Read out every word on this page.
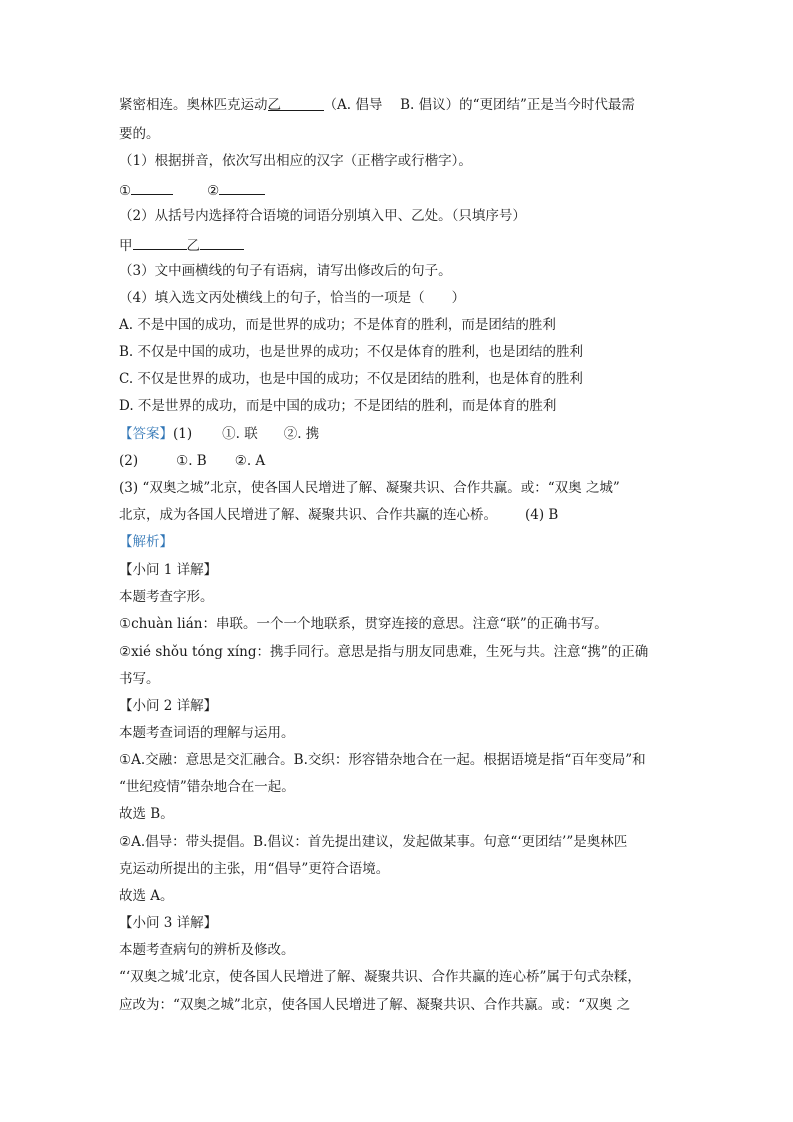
紧密相连。奥林匹克运动乙	（A. 倡导　 B. 倡议）的“更团结”正是当今时代最需
要的。
（1）根据拼音，依次写出相应的汉字（正楷字或行楷字）。
①	②
（2）从括号内选择符合语境的词语分别填入甲、乙处。（只填序号）
甲	乙
（3）文中画横线的句子有语病，请写出修改后的句子。
（4）填入选文丙处横线上的句子，恰当的一项是（　　）
A. 不是中国的成功，而是世界的成功；不是体育的胜利，而是团结的胜利
B. 不仅是中国的成功，也是世界的成功；不仅是体育的胜利，也是团结的胜利
C. 不仅是世界的成功，也是中国的成功；不仅是团结的胜利，也是体育的胜利
D. 不是世界的成功，而是中国的成功；不是团结的胜利，而是体育的胜利
【答案】(1) ①. 联 ②. 携
(2)	①. B ②. A
(3) “双奥之城”北京，使各国人民增进了解、凝聚共识、合作共赢。或：“双奥 之城”
北京，成为各国人民增进了解、凝聚共识、合作共赢的连心桥。 (4) B
【解析】
【小问 1 详解】
本题考查字形。
①chuàn lián：串联。一个一个地联系，贯穿连接的意思。注意“联”的正确书写。
②xié shǒu tóng xíng：携手同行。意思是指与朋友同患难，生死与共。注意“携”的正确
书写。
【小问 2 详解】
本题考查词语的理解与运用。
①A.交融：意思是交汇融合。B.交织：形容错杂地合在一起。根据语境是指“百年变局”和
“世纪疫情”错杂地合在一起。
故选 B。
②A.倡导：带头提倡。B.倡议：首先提出建议，发起做某事。句意“‘更团结’”是奥林匹
克运动所提出的主张，用“倡导”更符合语境。
故选 A。
【小问 3 详解】
本题考查病句的辨析及修改。
“‘双奥之城’北京，使各国人民增进了解、凝聚共识、合作共赢的连心桥”属于句式杂糅，
应改为：“双奥之城”北京，使各国人民增进了解、凝聚共识、合作共赢。或：“双奥 之
